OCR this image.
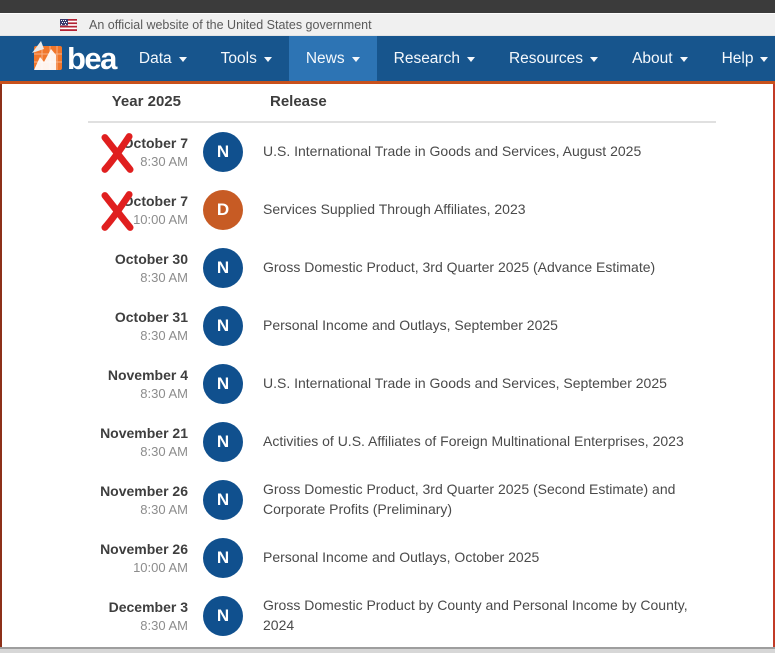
An official website of the United States government
bea Data	Tools	News	Research	Resources	About	Help
Year 2025	Release
October 7
8:30 AM N U.S. International Trade in Goods and Services, August 2025
October 7
10:00 AM D Services Supplied Through Affiliates, 2023
October 30
8:30 AM N Gross Domestic Product, 3rd Quarter 2025 (Advance Estimate)
October 31
8:30 AM N Personal Income and Outlays, September 2025
November 4
8:30 AM N U.S. International Trade in Goods and Services, September 2025
November 21
8:30 AM N Activities of U.S. Affiliates of Foreign Multinational Enterprises, 2023
November 26
8:30 AM N
Gross Domestic Product, 3rd Quarter 2025 (Second Estimate) and Corporate Profits (Preliminary)
November 26
10:00 AM N Personal Income and Outlays, October 2025
December 3
8:30 AM N
Gross Domestic Product by County and Personal Income by County, 2024
